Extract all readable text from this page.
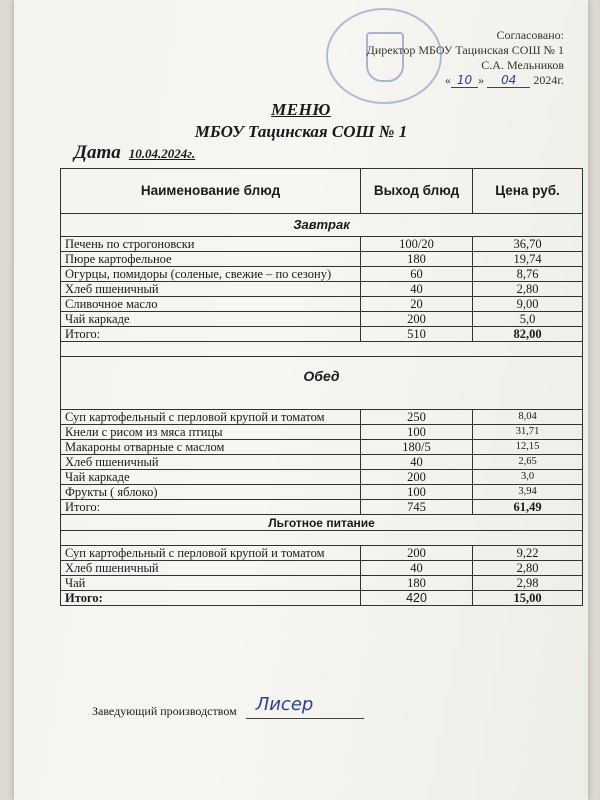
Согласовано:
Директор МБОУ Тацинская СОШ № 1
С.А. Мельников
« 10 » 04 2024г.
МЕНЮ
МБОУ Тацинская СОШ № 1
Дата 10.04.2024г.
Наименование блюд	Выход блюд	Цена руб.
Завтрак		
Печень по строгоновски	100/20	36,70
Пюре картофельное	180	19,74
Огурцы, помидоры (соленые, свежие – по сезону)	60	8,76
Хлеб пшеничный	40	2,80
Сливочное масло	20	9,00
Чай каркаде	200	5,0
Итого:	510	82,00

Обед		
Суп картофельный с перловой крупой и томатом	250	8,04
Кнели с рисом из мяса птицы	100	31,71
Макароны отварные с маслом	180/5	12,15
Хлеб пшеничный	40	2,65
Чай каркаде	200	3,0
Фрукты ( яблоко)	100	3,94
Итого:	745	61,49
Льготное питание		

Суп картофельный с перловой крупой и томатом	200	9,22
Хлеб пшеничный	40	2,80
Чай	180	2,98
Итого:	420	15,00
Заведующий производством Лисер
